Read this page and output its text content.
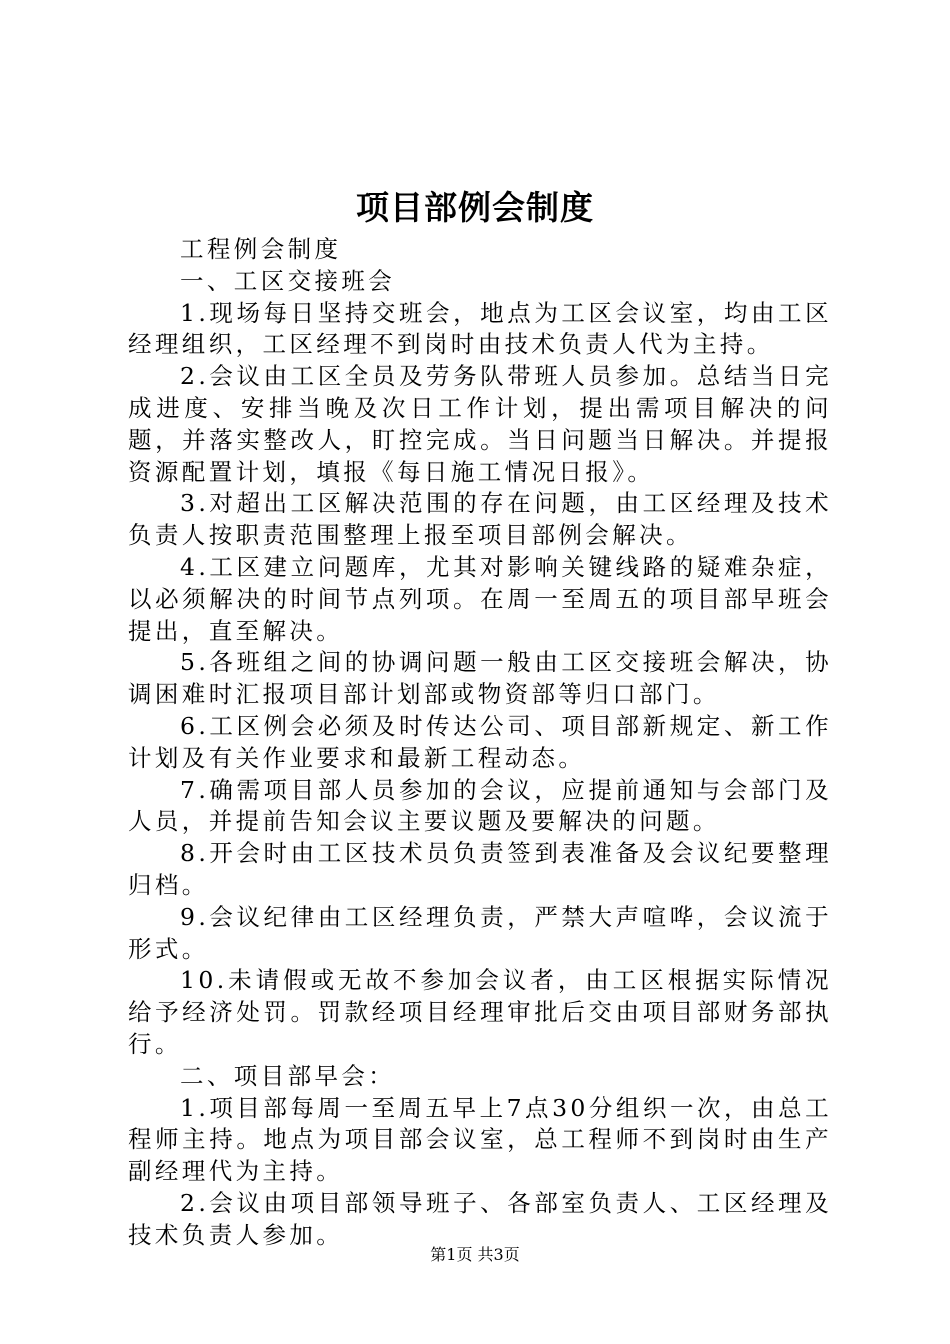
项目部例会制度

工程例会制度

一、工区交接班会

1.现场每日坚持交班会，地点为工区会议室，均由工区经理组织，工区经理不到岗时由技术负责人代为主持。

2.会议由工区全员及劳务队带班人员参加。总结当日完成进度、安排当晚及次日工作计划，提出需项目解决的问题，并落实整改人，盯控完成。当日问题当日解决。并提报资源配置计划，填报《每日施工情况日报》。

3.对超出工区解决范围的存在问题，由工区经理及技术负责人按职责范围整理上报至项目部例会解决。

4.工区建立问题库，尤其对影响关键线路的疑难杂症，以必须解决的时间节点列项。在周一至周五的项目部早班会提出，直至解决。

5.各班组之间的协调问题一般由工区交接班会解决，协调困难时汇报项目部计划部或物资部等归口部门。

6.工区例会必须及时传达公司、项目部新规定、新工作计划及有关作业要求和最新工程动态。

7.确需项目部人员参加的会议，应提前通知与会部门及人员，并提前告知会议主要议题及要解决的问题。

8.开会时由工区技术员负责签到表准备及会议纪要整理归档。

9.会议纪律由工区经理负责，严禁大声喧哗，会议流于形式。

10.未请假或无故不参加会议者，由工区根据实际情况给予经济处罚。罚款经项目经理审批后交由项目部财务部执行。

二、项目部早会：

1.项目部每周一至周五早上7点30分组织一次，由总工程师主持。地点为项目部会议室，总工程师不到岗时由生产副经理代为主持。

2.会议由项目部领导班子、各部室负责人、工区经理及技术负责人参加。

第1页 共3页
